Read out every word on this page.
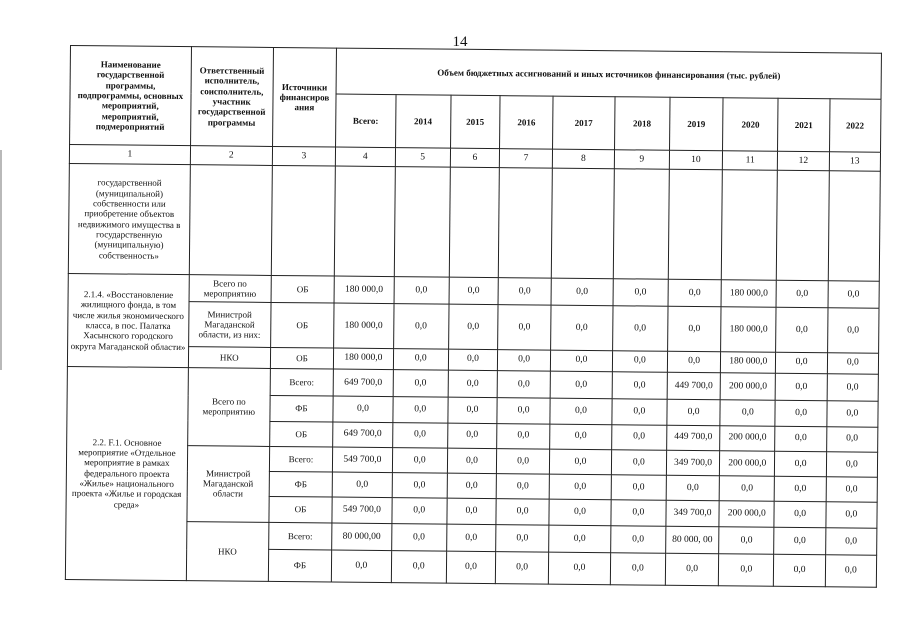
14
Наименование государственной программы, подпрограммы, основных мероприятий, мероприятий, подмероприятий	Ответственный исполнитель, соисполнитель, участник государственной программы	Источники финансиров ания	Объем бюджетных ассигнований и иных источников финансирования (тыс. рублей)									
			Всего:	2014	2015	2016	2017	2018	2019	2020	2021	2022
1	2	3	4	5	6	7	8	9	10	11	12	13
государственной (муниципальной) собственности или приобретение объектов недвижимого имущества в государственную (муниципальную) собственность»												
2.1.4. «Восстановление жилищного фонда, в том числе жилья экономического класса, в пос. Палатка Хасынского городского округа Магаданской области»	Всего по мероприятию	ОБ	180 000,0	0,0	0,0	0,0	0,0	0,0	0,0	180 000,0	0,0	0,0
	Министрой Магаданской области, из них:	ОБ	180 000,0	0,0	0,0	0,0	0,0	0,0	0,0	180 000,0	0,0	0,0
	НКО	ОБ	180 000,0	0,0	0,0	0,0	0,0	0,0	0,0	180 000,0	0,0	0,0
2.2. F.1. Основное мероприятие «Отдельное мероприятие в рамках федерального проекта «Жилье» национального проекта «Жилье и городская среда»	Всего по мероприятию	Всего:	649 700,0	0,0	0,0	0,0	0,0	0,0	449 700,0	200 000,0	0,0	0,0
		ФБ	0,0	0,0	0,0	0,0	0,0	0,0	0,0	0,0	0,0	0,0
		ОБ	649 700,0	0,0	0,0	0,0	0,0	0,0	449 700,0	200 000,0	0,0	0,0
	Министрой Магаданской области	Всего:	549 700,0	0,0	0,0	0,0	0,0	0,0	349 700,0	200 000,0	0,0	0,0
		ФБ	0,0	0,0	0,0	0,0	0,0	0,0	0,0	0,0	0,0	0,0
		ОБ	549 700,0	0,0	0,0	0,0	0,0	0,0	349 700,0	200 000,0	0,0	0,0
	НКО	Всего:	80 000,00	0,0	0,0	0,0	0,0	0,0	80 000, 00	0,0	0,0	0,0
		ФБ	0,0	0,0	0,0	0,0	0,0	0,0	0,0	0,0	0,0	0,0
